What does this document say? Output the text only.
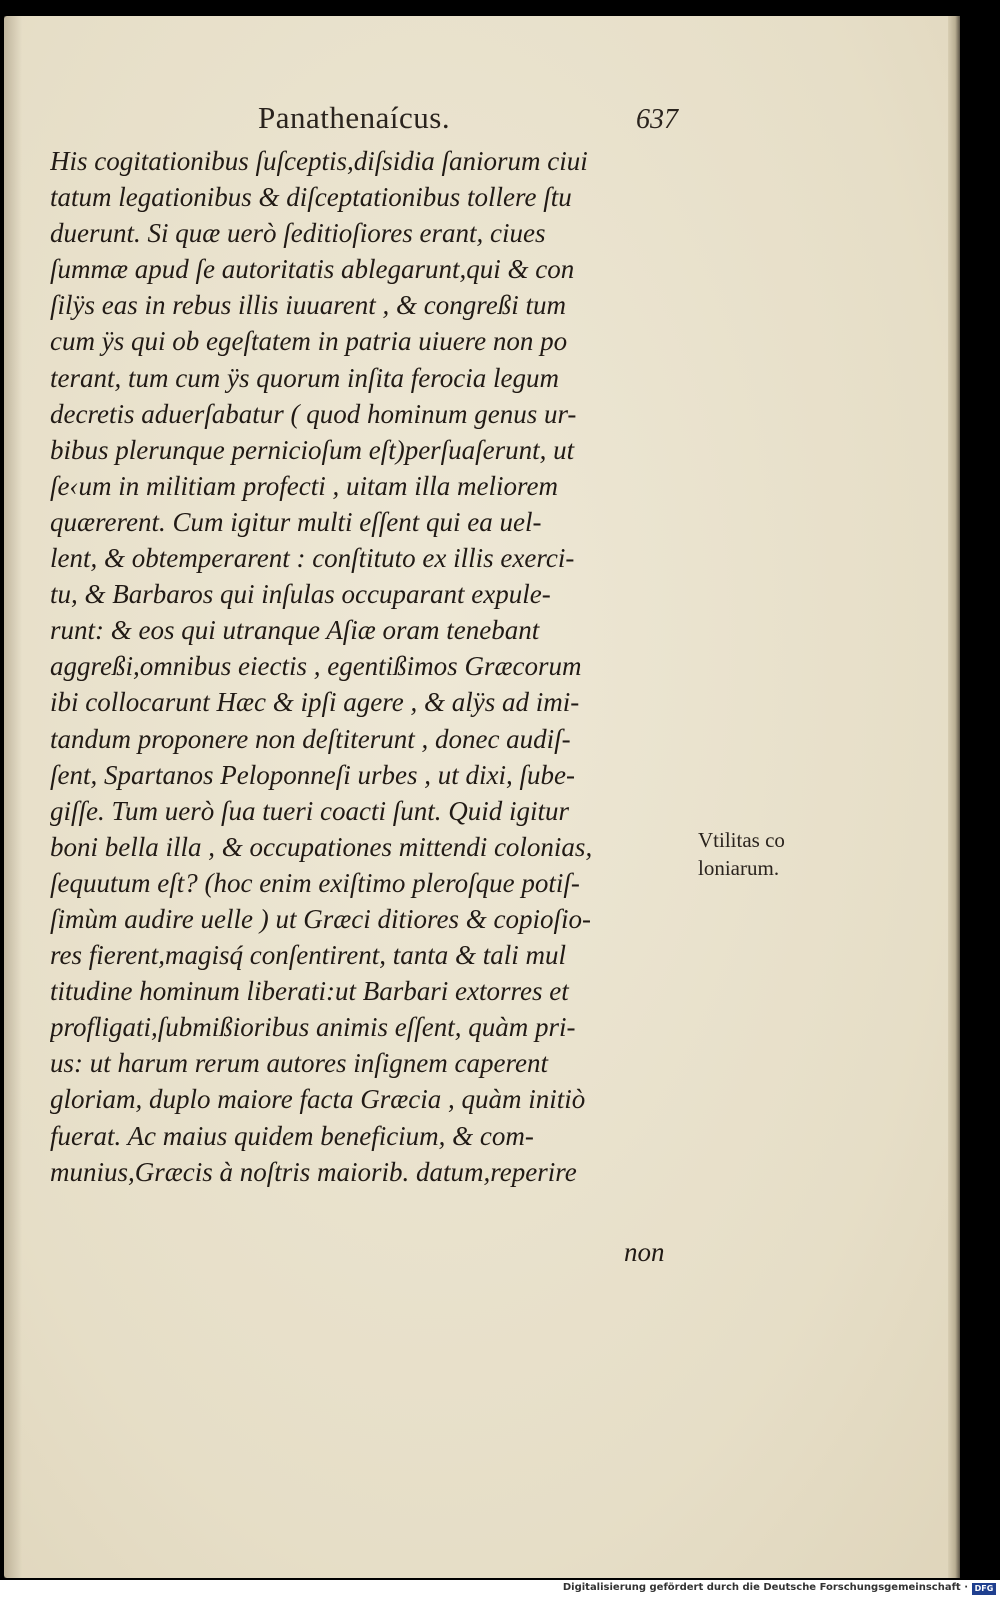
Panathenaícus.	637
His cogitationibus ſuſceptis,diſsidia ſaniorum ciui
tatum legationibus & diſceptationibus tollere ſtu
duerunt. Si quæ uerò ſeditioſiores erant, ciues
ſummæ apud ſe autoritatis ablegarunt,qui & con
ſilÿs eas in rebus illis iuuarent , & congreßi tum
cum ÿs qui ob egeſtatem in patria uiuere non po
terant, tum cum ÿs quorum inſita ferocia legum
decretis aduerſabatur ( quod hominum genus ur-
bibus plerunque pernicioſum eſt)perſuaſerunt, ut
ſe‹um in militiam profecti , uitam illa meliorem
quærerent. Cum igitur multi eſſent qui ea uel-
lent, & obtemperarent : conſtituto ex illis exerci-
tu, & Barbaros qui inſulas occuparant expule-
runt: & eos qui utranque Aſiæ oram tenebant
aggreßi,omnibus eiectis , egentißimos Græcorum
ibi collocarunt Hæc & ipſi agere , & alÿs ad imi-
tandum proponere non deſtiterunt , donec audiſ-
ſent, Spartanos Peloponneſi urbes , ut dixi, ſube-
giſſe. Tum uerò ſua tueri coacti ſunt. Quid igitur
boni bella illa , & occupationes mittendi colonias,
ſequutum eſt? (hoc enim exiſtimo pleroſque potiſ-
ſimùm audire uelle ) ut Græci ditiores & copioſio-
res fierent,magisq́ conſentirent, tanta & tali mul
titudine hominum liberati:ut Barbari extorres et
profligati,ſubmißioribus animis eſſent, quàm pri-
us: ut harum rerum autores inſignem caperent
gloriam, duplo maiore facta Græcia , quàm initiò
fuerat. Ac maius quidem beneficium, & com-
munius,Græcis à noſtris maiorib. datum,reperire
non
Vtilitas co
loniarum.
Digitalisierung gefördert durch die Deutsche Forschungsgemeinschaft · DFG
